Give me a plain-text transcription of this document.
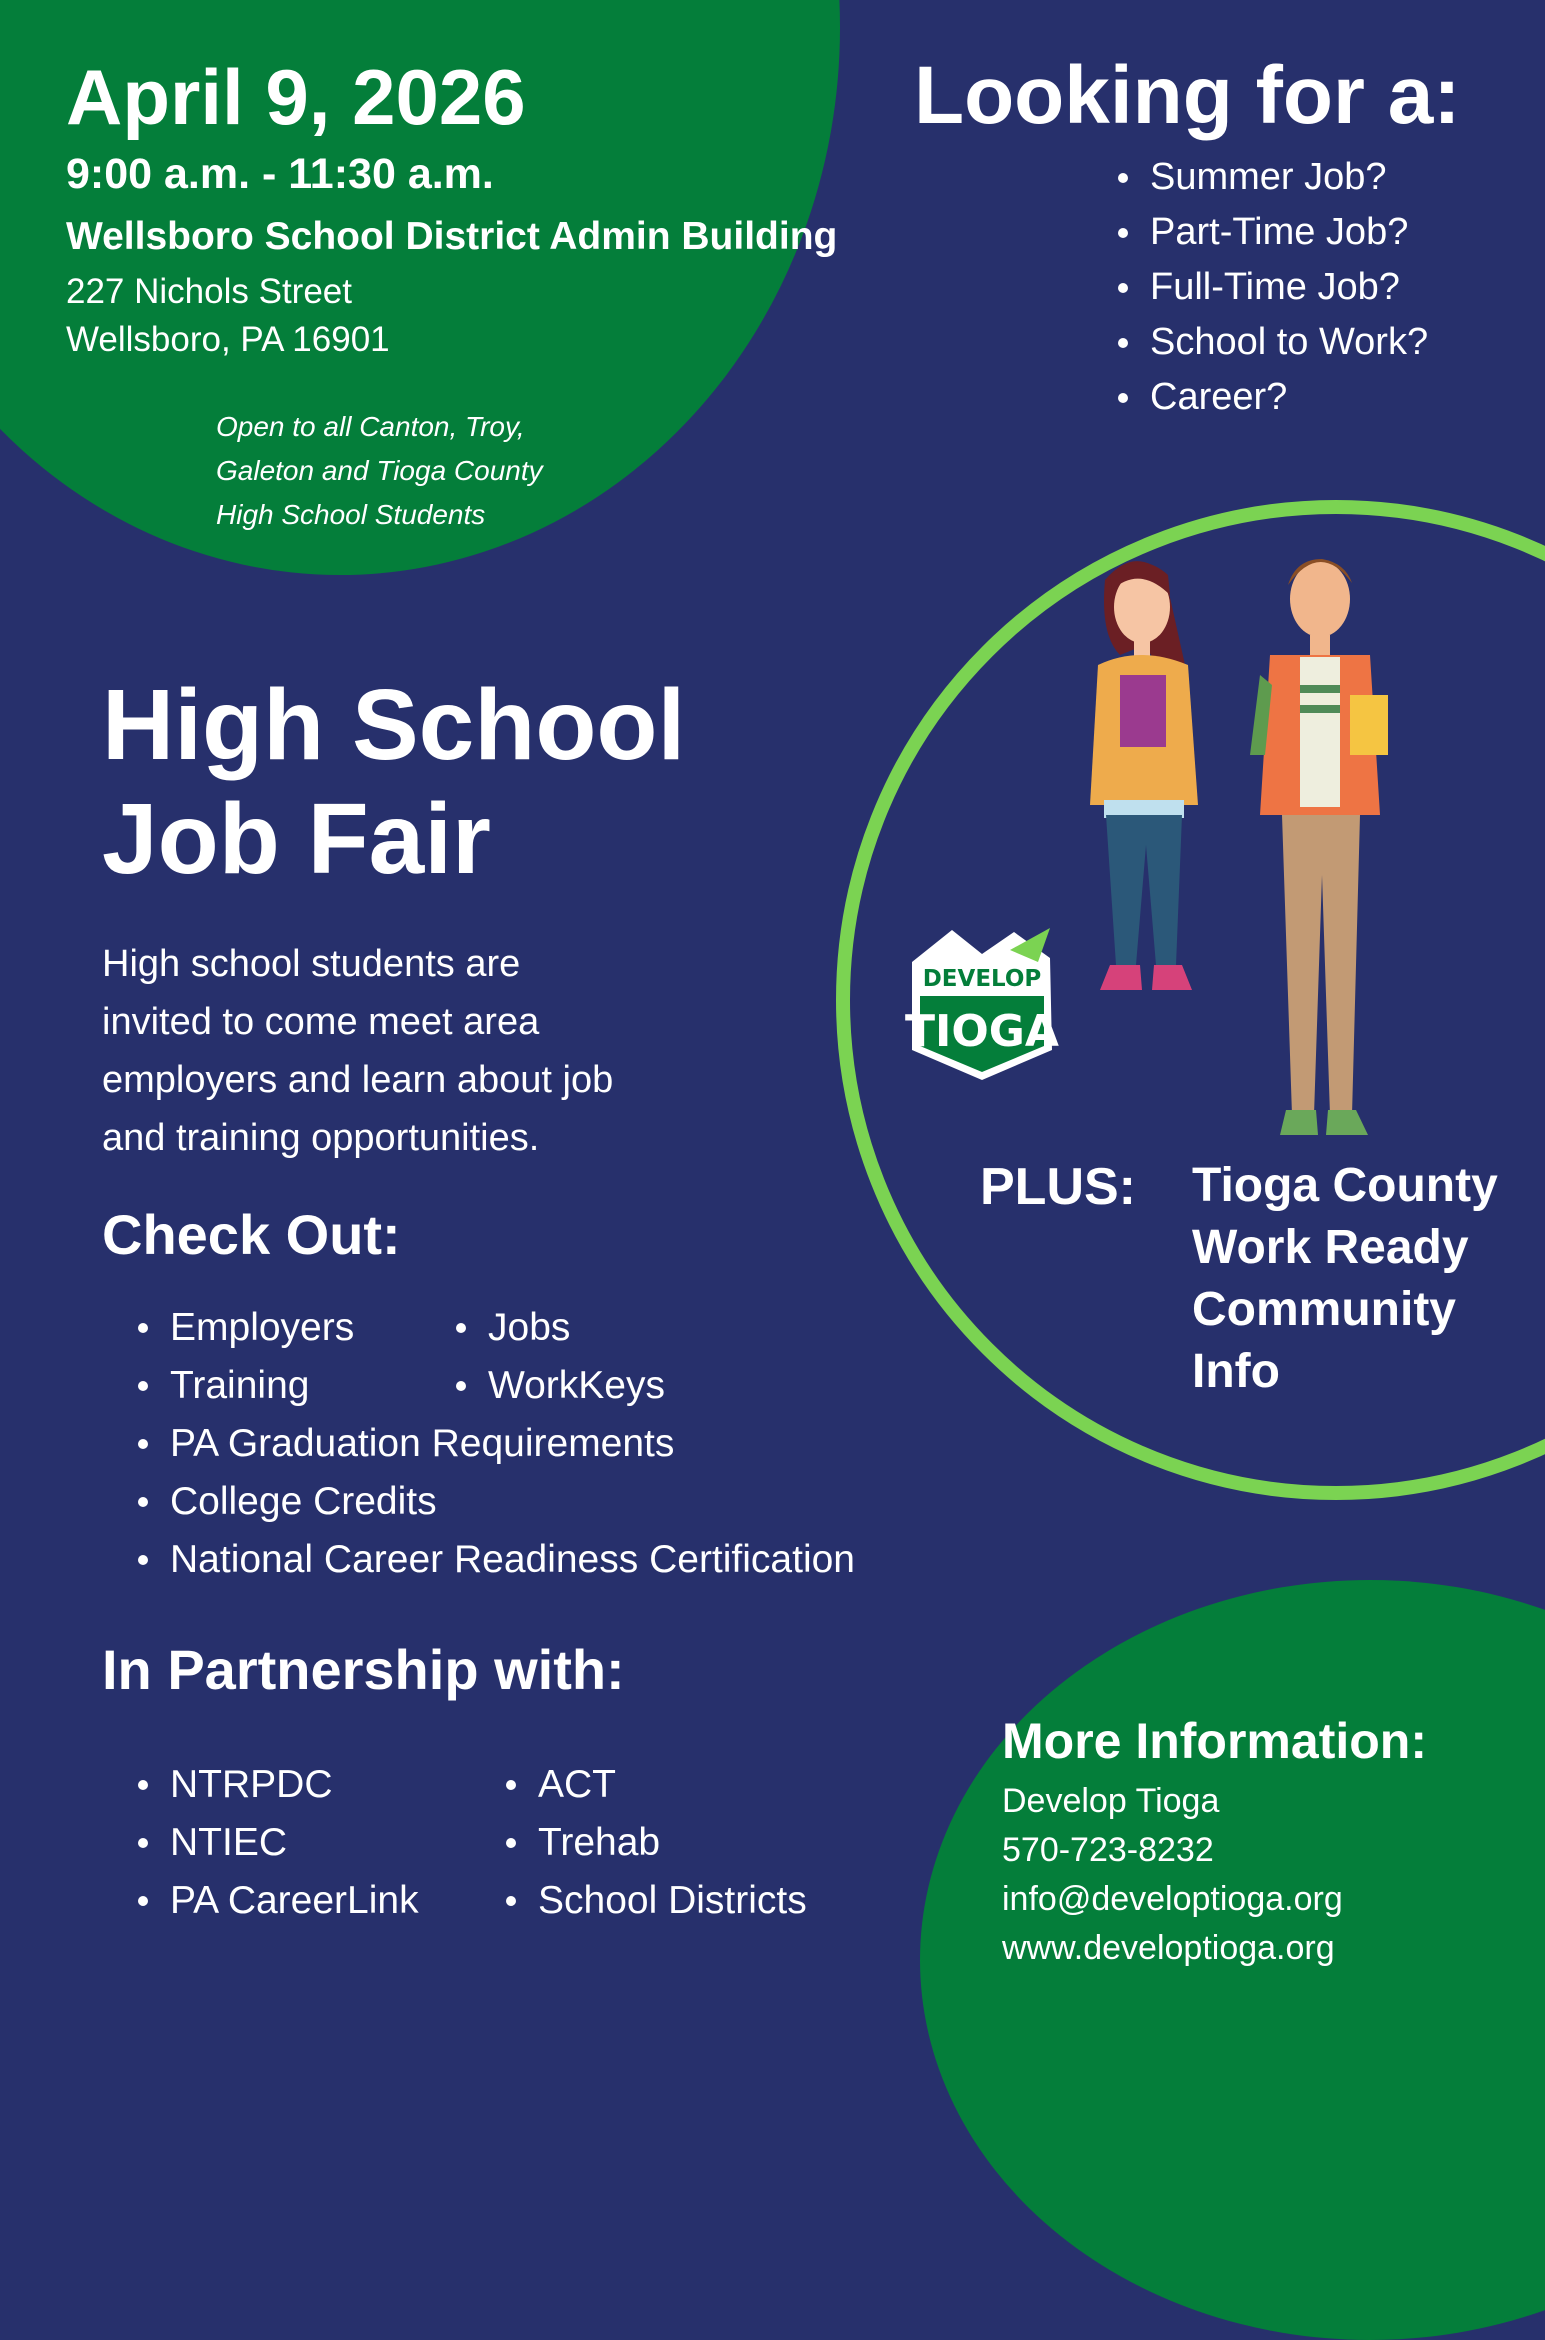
April 9, 2026
9:00 a.m. - 11:30 a.m.
Wellsboro School District Admin Building
227 Nichols Street
Wellsboro, PA 16901
Open to all Canton, Troy,
Galeton and Tioga County
High School Students
Looking for a:
Summer Job?
Part-Time Job?
Full-Time Job?
School to Work?
Career?
High School
Job Fair
High school students are
invited to come meet area
employers and learn about job
and training opportunities.
Check Out:
Employers
Training
Jobs
WorkKeys
PA Graduation Requirements
College Credits
National Career Readiness Certification
In Partnership with:
NTRPDC
NTIEC
PA CareerLink
ACT
Trehab
School Districts
PLUS: Tioga County
Work Ready
Community
Info
DEVELOP
TIOGA
More Information:
Develop Tioga
570-723-8232
info@developtioga.org
www.developtioga.org
